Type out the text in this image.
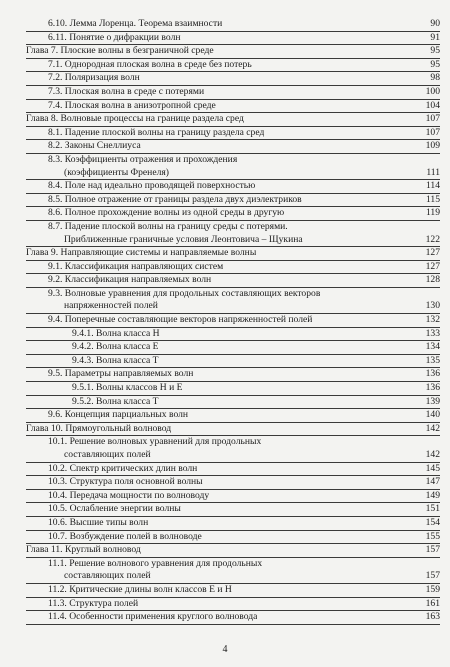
6.10. Лемма Лоренца. Теорема взаимности	90
6.11. Понятие о дифракции волн	91
Глава 7. Плоские волны в безграничной среде	95
7.1. Однородная плоская волна в среде без потерь	95
7.2. Поляризация волн	98
7.3. Плоская волна в среде с потерями	100
7.4. Плоская волна в анизотропной среде	104
Глава 8. Волновые процессы на границе раздела сред	107
8.1. Падение плоской волны на границу раздела сред	107
8.2. Законы Снеллиуса	109
8.3. Коэффициенты отражения и прохождения
(коэффициенты Френеля)	111
8.4. Поле над идеально проводящей поверхностью	114
8.5. Полное отражение от границы раздела двух диэлектриков	115
8.6. Полное прохождение волны из одной среды в другую	119
8.7. Падение плоской волны на границу среды с потерями.
Приближенные граничные условия Леонтовича – Щукина	122
Глава 9. Направляющие системы и направляемые волны	127
9.1. Классификация направляющих систем	127
9.2. Классификация направляемых волн	128
9.3. Волновые уравнения для продольных составляющих векторов
напряженностей полей	130
9.4. Поперечные составляющие векторов напряженностей полей	132
9.4.1. Волна класса H	133
9.4.2. Волна класса E	134
9.4.3. Волна класса T	135
9.5. Параметры направляемых волн	136
9.5.1. Волны классов H и E	136
9.5.2. Волна класса T	139
9.6. Концепция парциальных волн	140
Глава 10. Прямоугольный волновод	142
10.1. Решение волновых уравнений для продольных
составляющих полей	142
10.2. Спектр критических длин волн	145
10.3. Структура поля основной волны	147
10.4. Передача мощности по волноводу	149
10.5. Ослабление энергии волны	151
10.6. Высшие типы волн	154
10.7. Возбуждение полей в волноводе	155
Глава 11. Круглый волновод	157
11.1. Решение волнового уравнения для продольных
составляющих полей	157
11.2. Критические длины волн классов E и H	159
11.3. Структура полей	161
11.4. Особенности применения круглого волновода	163
4
